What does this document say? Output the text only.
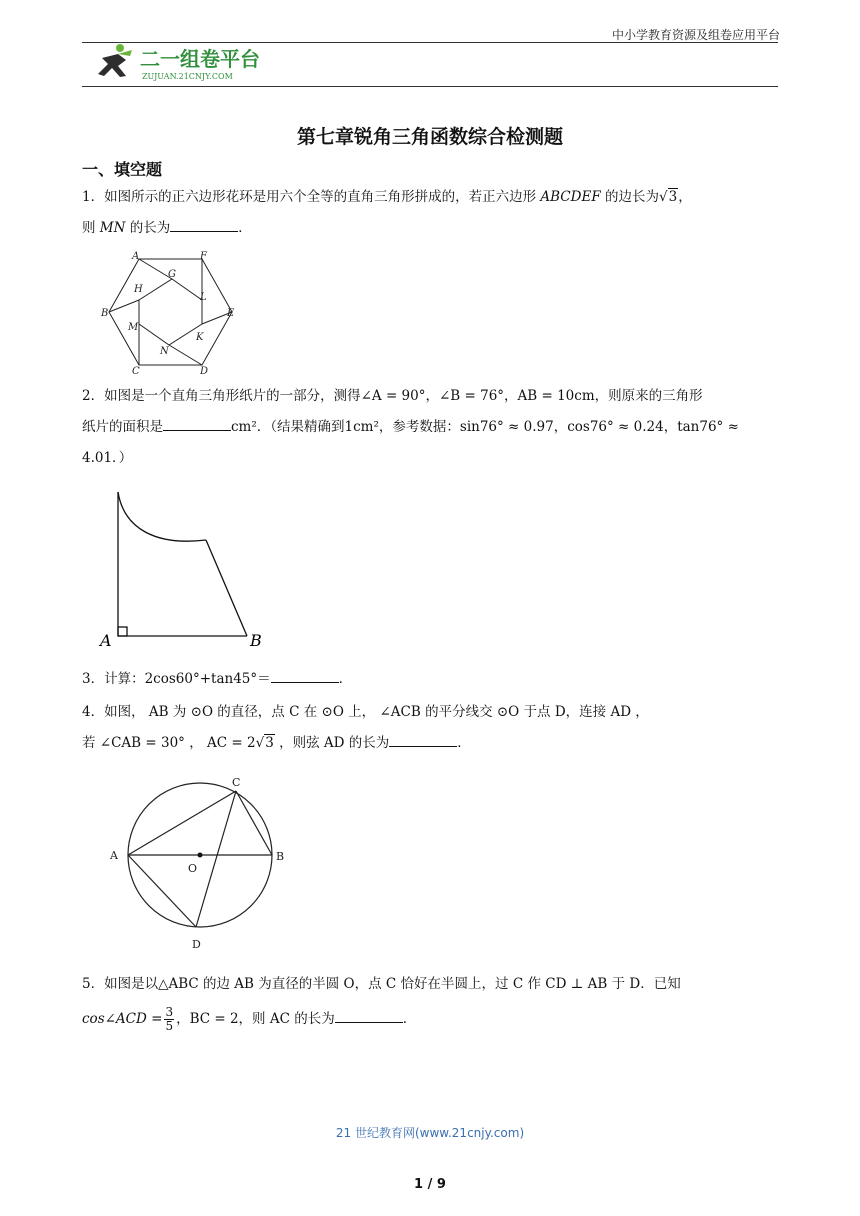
中小学教育资源及组卷应用平台
二一组卷平台
ZUJUAN.21CNJY.COM
第七章锐角三角函数综合检测题
一、填空题
1．如图所示的正六边形花环是用六个全等的直角三角形拼成的，若正六边形 ABCDEF 的边长为√3，
则 MN 的长为	．
A	F
G
H
L
B	E
M
K
N
C	D
2．如图是一个直角三角形纸片的一部分，测得∠A = 90°，∠B = 76°，AB = 10cm，则原来的三角形
纸片的面积是	cm²．（结果精确到1cm²，参考数据：sin76° ≈ 0.97，cos76° ≈ 0.24，tan76° ≈
4.01．）
A	B
3．计算：2cos60°+tan45°＝	．
4．如图， AB 为 ⊙O 的直径，点 C 在 ⊙O 上， ∠ACB 的平分线交 ⊙O 于点 D，连接 AD ，
若 ∠CAB = 30° ， AC = 2√3 ，则弦 AD 的长为	．
A	B
C
D
O
5．如图是以△ABC 的边 AB 为直径的半圆 O，点 C 恰好在半圆上，过 C 作 CD ⊥ AB 于 D．已知
cos∠ACD = $\frac{3}{5}$ ，BC = 2，则 AC 的长为	．
21 世纪教育网(www.21cnjy.com)
1 / 9
